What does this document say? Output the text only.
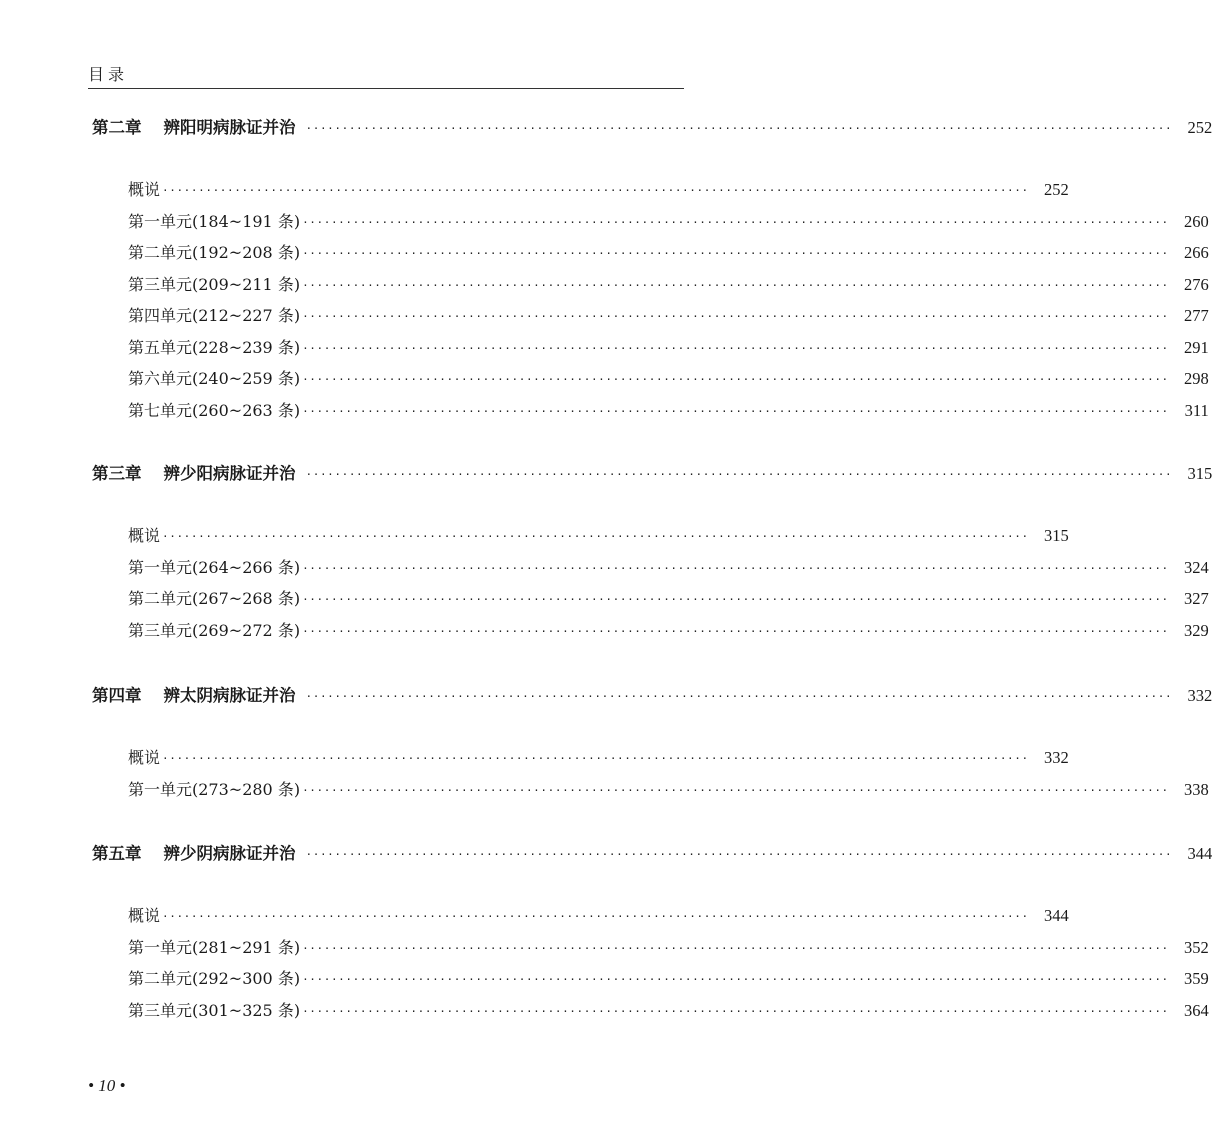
目录
第二章 辨阳明病脉证并治 ························································································································ 252
概说 ························································································································ 252
第一单元(184~191 条) ························································································································ 260
第二单元(192~208 条) ························································································································ 266
第三单元(209~211 条) ························································································································ 276
第四单元(212~227 条) ························································································································ 277
第五单元(228~239 条) ························································································································ 291
第六单元(240~259 条) ························································································································ 298
第七单元(260~263 条) ························································································································ 311
第三章 辨少阳病脉证并治 ························································································································ 315
概说 ························································································································ 315
第一单元(264~266 条) ························································································································ 324
第二单元(267~268 条) ························································································································ 327
第三单元(269~272 条) ························································································································ 329
第四章 辨太阴病脉证并治 ························································································································ 332
概说 ························································································································ 332
第一单元(273~280 条) ························································································································ 338
第五章 辨少阴病脉证并治 ························································································································ 344
概说 ························································································································ 344
第一单元(281~291 条) ························································································································ 352
第二单元(292~300 条) ························································································································ 359
第三单元(301~325 条) ························································································································ 364
• 10 •
